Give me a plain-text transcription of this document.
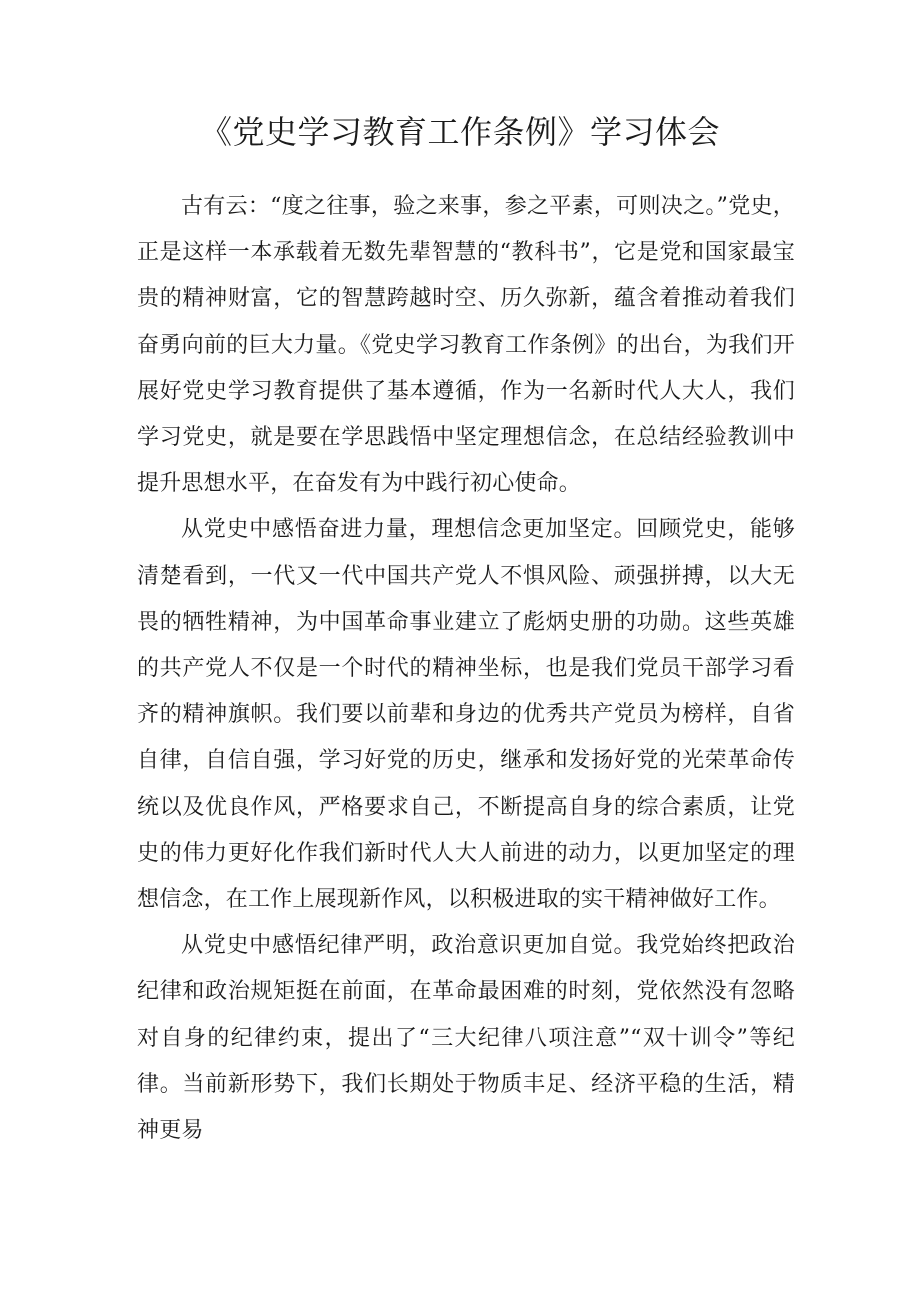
《党史学习教育工作条例》学习体会

古有云：“度之往事，验之来事，参之平素，可则决之。”党史，正是这样一本承载着无数先辈智慧的“教科书”，它是党和国家最宝贵的精神财富，它的智慧跨越时空、历久弥新，蕴含着推动着我们奋勇向前的巨大力量。《党史学习教育工作条例》的出台，为我们开展好党史学习教育提供了基本遵循，作为一名新时代人大人，我们学习党史，就是要在学思践悟中坚定理想信念，在总结经验教训中提升思想水平，在奋发有为中践行初心使命。

从党史中感悟奋进力量，理想信念更加坚定。回顾党史，能够清楚看到，一代又一代中国共产党人不惧风险、顽强拼搏，以大无畏的牺牲精神，为中国革命事业建立了彪炳史册的功勋。这些英雄的共产党人不仅是一个时代的精神坐标，也是我们党员干部学习看齐的精神旗帜。我们要以前辈和身边的优秀共产党员为榜样，自省自律，自信自强，学习好党的历史，继承和发扬好党的光荣革命传统以及优良作风，严格要求自己，不断提高自身的综合素质，让党史的伟力更好化作我们新时代人大人前进的动力，以更加坚定的理想信念，在工作上展现新作风，以积极进取的实干精神做好工作。

从党史中感悟纪律严明，政治意识更加自觉。我党始终把政治纪律和政治规矩挺在前面，在革命最困难的时刻，党依然没有忽略对自身的纪律约束，提出了“三大纪律八项注意”“双十训令”等纪律。当前新形势下，我们长期处于物质丰足、经济平稳的生活，精神更易
